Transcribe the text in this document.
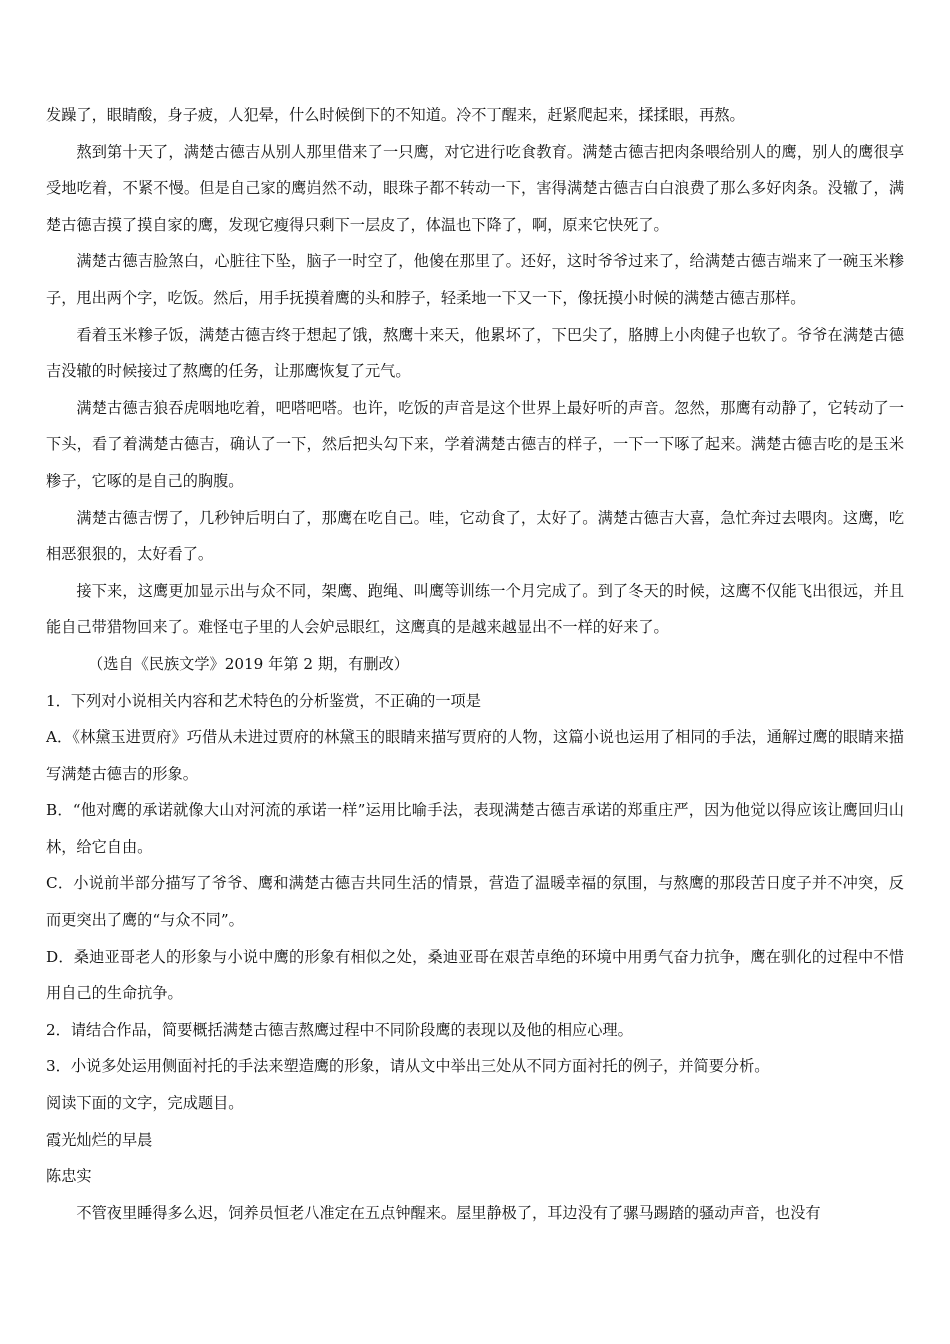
发躁了，眼睛酸，身子疲，人犯晕，什么时候倒下的不知道。冷不丁醒来，赶紧爬起来，揉揉眼，再熬。

熬到第十天了，满楚古德吉从别人那里借来了一只鹰，对它进行吃食教育。满楚古德吉把肉条喂给别人的鹰，别人的鹰很享受地吃着，不紧不慢。但是自己家的鹰岿然不动，眼珠子都不转动一下，害得满楚古德吉白白浪费了那么多好肉条。没辙了，满楚古德吉摸了摸自家的鹰，发现它瘦得只剩下一层皮了，体温也下降了，啊，原来它快死了。

满楚古德吉脸煞白，心脏往下坠，脑子一时空了，他傻在那里了。还好，这时爷爷过来了，给满楚古德吉端来了一碗玉米糁子，甩出两个字，吃饭。然后，用手抚摸着鹰的头和脖子，轻柔地一下又一下，像抚摸小时候的满楚古德吉那样。

看着玉米糁子饭，满楚古德吉终于想起了饿，熬鹰十来天，他累坏了，下巴尖了，胳膊上小肉健子也软了。爷爷在满楚古德吉没辙的时候接过了熬鹰的任务，让那鹰恢复了元气。

满楚古德吉狼吞虎咽地吃着，吧嗒吧嗒。也许，吃饭的声音是这个世界上最好听的声音。忽然，那鹰有动静了，它转动了一下头，看了着满楚古德吉，确认了一下，然后把头勾下来，学着满楚古德吉的样子，一下一下啄了起来。满楚古德吉吃的是玉米糁子，它啄的是自己的胸腹。

满楚古德吉愣了，几秒钟后明白了，那鹰在吃自己。哇，它动食了，太好了。满楚古德吉大喜，急忙奔过去喂肉。这鹰，吃相恶狠狠的，太好看了。

接下来，这鹰更加显示出与众不同，架鹰、跑绳、叫鹰等训练一个月完成了。到了冬天的时候，这鹰不仅能飞出很远，并且能自己带猎物回来了。难怪屯子里的人会妒忌眼红，这鹰真的是越来越显出不一样的好来了。

（选自《民族文学》2019 年第 2 期，有删改）

1．下列对小说相关内容和艺术特色的分析鉴赏，不正确的一项是

A．《林黛玉进贾府》巧借从未进过贾府的林黛玉的眼睛来描写贾府的人物，这篇小说也运用了相同的手法，通解过鹰的眼睛来描写满楚古德吉的形象。

B．“他对鹰的承诺就像大山对河流的承诺一样”运用比喻手法，表现满楚古德吉承诺的郑重庄严，因为他觉以得应该让鹰回归山林，给它自由。

C．小说前半部分描写了爷爷、鹰和满楚古德吉共同生活的情景，营造了温暖幸福的氛围，与熬鹰的那段苦日度子并不冲突，反而更突出了鹰的“与众不同”。

D．桑迪亚哥老人的形象与小说中鹰的形象有相似之处，桑迪亚哥在艰苦卓绝的环境中用勇气奋力抗争，鹰在驯化的过程中不惜用自己的生命抗争。

2．请结合作品，简要概括满楚古德吉熬鹰过程中不同阶段鹰的表现以及他的相应心理。

3．小说多处运用侧面衬托的手法来塑造鹰的形象，请从文中举出三处从不同方面衬托的例子，并简要分析。

阅读下面的文字，完成题目。

霞光灿烂的早晨

陈忠实

不管夜里睡得多么迟，饲养员恒老八准定在五点钟醒来。屋里静极了，耳边没有了骡马踢踏的骚动声音，也没有
